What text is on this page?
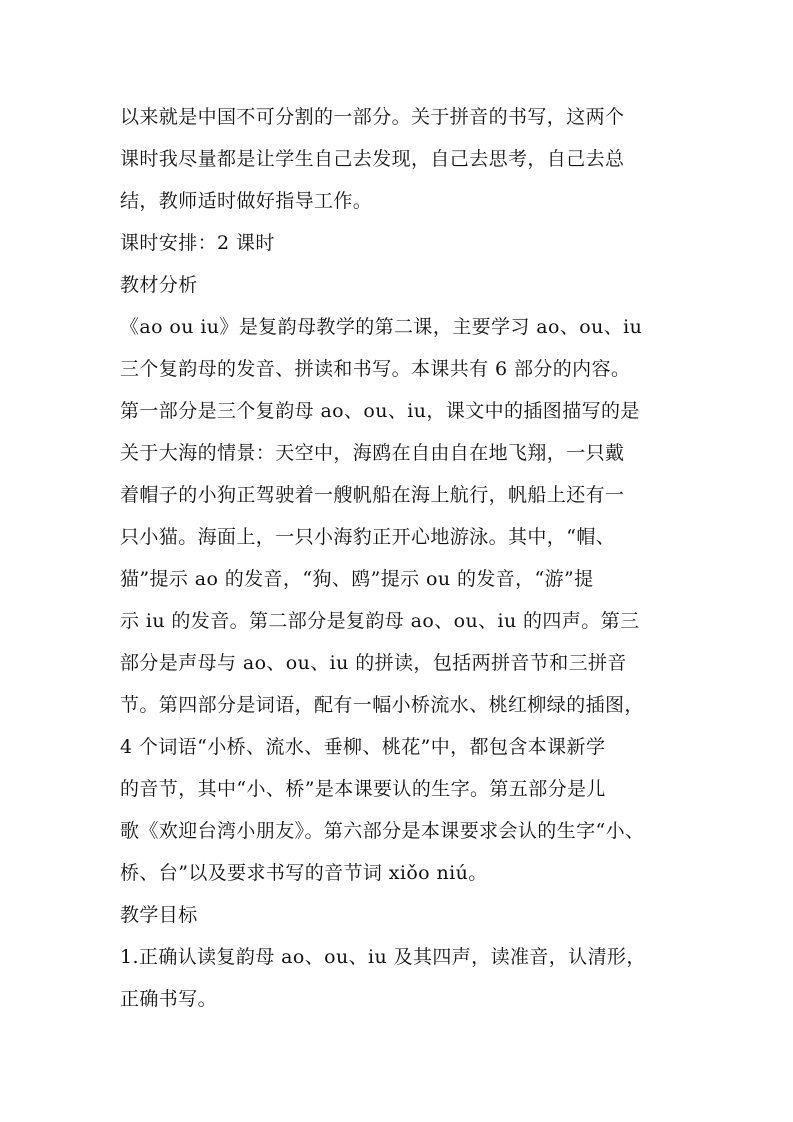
以来就是中国不可分割的一部分。关于拼音的书写，这两个
课时我尽量都是让学生自己去发现，自己去思考，自己去总
结，教师适时做好指导工作。
课时安排：2 课时
教材分析
《ao ou iu》是复韵母教学的第二课，主要学习 ao、ou、iu
三个复韵母的发音、拼读和书写。本课共有 6 部分的内容。
第一部分是三个复韵母 ao、ou、iu，课文中的插图描写的是
关于大海的情景：天空中，海鸥在自由自在地飞翔，一只戴
着帽子的小狗正驾驶着一艘帆船在海上航行，帆船上还有一
只小猫。海面上，一只小海豹正开心地游泳。其中，“帽、
猫”提示 ao 的发音，“狗、鸥”提示 ou 的发音，“游”提
示 iu 的发音。第二部分是复韵母 ao、ou、iu 的四声。第三
部分是声母与 ao、ou、iu 的拼读，包括两拼音节和三拼音
节。第四部分是词语，配有一幅小桥流水、桃红柳绿的插图，
4 个词语“小桥、流水、垂柳、桃花”中，都包含本课新学
的音节，其中“小、桥”是本课要认的生字。第五部分是儿
歌《欢迎台湾小朋友》。第六部分是本课要求会认的生字“小、
桥、台”以及要求书写的音节词 xiǒo niú。
教学目标
1.正确认读复韵母 ao、ou、iu 及其四声，读准音，认清形，
正确书写。
